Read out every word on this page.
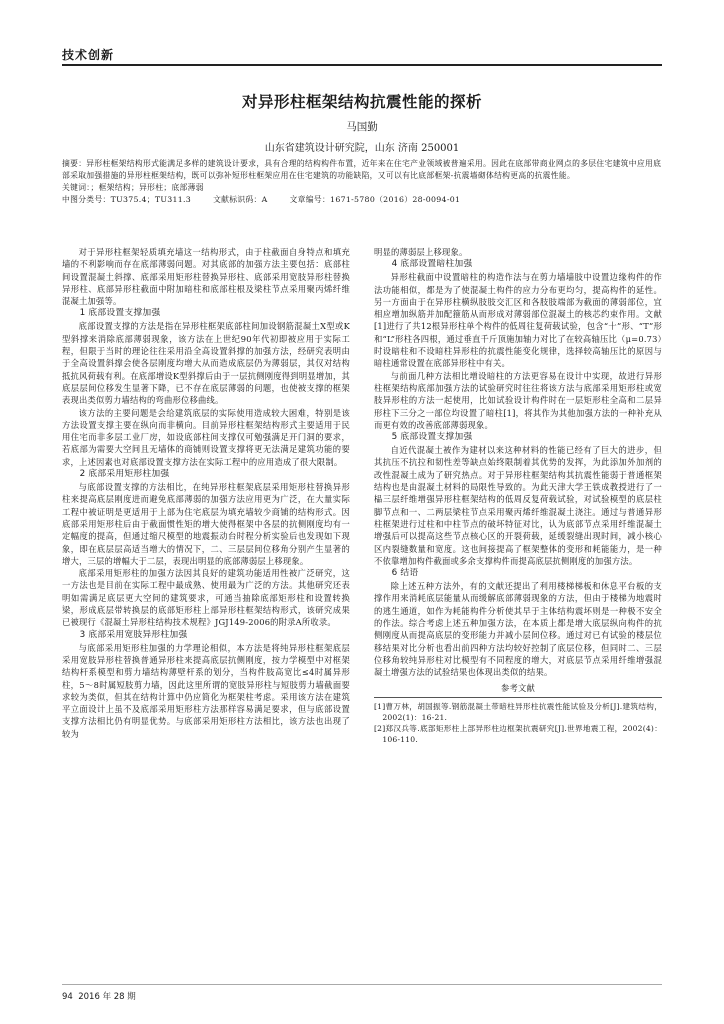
技术创新
对异形柱框架结构抗震性能的探析
马国勤
山东省建筑设计研究院，山东 济南 250001

摘要：异形柱框架结构形式能满足多样的建筑设计要求，具有合理的结构构件布置，近年来在住宅产业领域被普遍采用。因此在底部带商业网点的多层住宅建筑中应用底部采取加强措施的异形柱框架结构，既可以弥补短形柱框架应用在住宅建筑的功能缺陷，又可以有比底部框架-抗震墙砌体结构更高的抗震性能。

关键词：；框架结构；异形柱；底部薄弱

中图分类号：TU375.4；TU311.3	文献标识码：A	文章编号：1671-5780（2016）28-0094-01

对于异形柱框架轻质填充墙这一结构形式，由于柱截面自身特点和填充墙的不利影响而存在底部薄弱问题。对其底部的加强方法主要包括：底部柱间设置混凝土斜撑、底部采用矩形柱替换异形柱、底部采用宽肢异形柱替换异形柱、底部异形柱截面中附加暗柱和底部柱根及梁柱节点采用聚丙烯纤维混凝土加强等。

1 底部设置支撑加强

底部设置支撑的方法是指在异形柱框架底部柱间加设钢筋混凝土X型或K型斜撑来消除底部薄弱现象，该方法在上世纪90年代初即被应用于实际工程，但限于当时的理论往往采用沿全高设置斜撑的加强方法，经研究表明由于全高设置斜撑会使各层刚度均增大从而造成底层仍为薄弱层，其仅对结构抵抗风荷载有利。在底部增设K型斜撑后由于一层抗侧刚度得到明显增加，其底层层间位移发生显著下降，已不存在底层薄弱的问题，也使被支撑的框架表现出类似剪力墙结构的弯曲形位移曲线。

该方法的主要问题是会给建筑底层的实际使用造成较大困难，特别是该方法设置支撑主要在纵向而非横向。目前异形柱框架结构形式主要适用于民用住宅而非多层工业厂房，如设底部柱间支撑仅可勉强满足开门洞的要求，若底部为需要大空间且无墙体的商铺则设置支撑将更无法满足建筑功能的要求，上述因素也对底部设置支撑方法在实际工程中的应用造成了很大限制。

2 底部采用矩形柱加强

与底部设置支撑的方法相比，在纯异形柱框架底层采用矩形柱替换异形柱来提高底层刚度进而避免底部薄弱的加强方法应用更为广泛，在大量实际工程中被证明是更适用于上部为住宅底层为填充墙较少商铺的结构形式。因底部采用矩形柱后由于截面惯性矩的增大使得框架中各层的抗侧刚度均有一定幅度的提高，但通过缩尺模型的地震振动台时程分析实验后也发现如下现象，即在底层层高适当增大的情况下，二、三层层间位移角分别产生显著的增大，三层的增幅大于二层，表现出明显的底部薄弱层上移现象。

底部采用矩形柱的加强方法因其良好的建筑功能适用性被广泛研究，这一方法也是目前在实际工程中最成熟、使用最为广泛的方法。其他研究还表明如需满足底层更大空间的建筑要求，可通当抽除底部矩形柱和设置转换梁，形成底层带转换层的底部矩形柱上部异形柱框架结构形式，该研究成果已被现行《混凝土异形柱结构技术规程》JGJ149-2006的附录A所收录。

3 底部采用宽肢异形柱加强

与底部采用矩形柱加强的力学理论相似，本方法是将纯异形柱框架底层采用宽肢异形柱替换普通异形柱来提高底层抗侧刚度，按力学模型中对框架结构杆系模型和剪力墙结构薄壁杆系的划分，当构件肢高宽比≤4时属异形柱，5～8时属短肢剪力墙，因此这里所谓的宽肢异形柱与短肢剪力墙截面要求较为类似，但其在结构计算中仍应简化为框架柱考虑。采用该方法在建筑平立面设计上虽不及底部采用矩形柱方法那样容易满足要求，但与底部设置支撑方法相比仍有明显优势。与底部采用矩形柱方法相比，该方法也出现了较为

明显的薄弱层上移现象。

4 底部设置暗柱加强

异形柱截面中设置暗柱的构造作法与在剪力墙墙肢中设置边缘构件的作法功能相似，都是为了使混凝土构件的应力分布更均匀，提高构件的延性。另一方面由于在异形柱横纵肢肢交汇区和各肢肢端部为截面的薄弱部位，宜相应增加纵筋并加配箍筋从而形成对薄弱部位混凝土的核芯约束作用。文献[1]进行了共12根异形柱单个构件的低周往复荷载试验，包含“十”形、“T”形和“L”形柱各四根，通过垂直千斤顶施加轴力对比了在较高轴压比（μ=0.73）时设暗柱和不设暗柱异形柱的抗震性能变化规律，选择较高轴压比的原因与暗柱通常设置在底部异形柱中有关。

与前面几种方法相比增设暗柱的方法更容易在设计中实现，故进行异形柱框架结构底部加强方法的试验研究时往往将该方法与底部采用矩形柱或宽肢异形柱的方法一起使用，比如试验设计构件时在一层矩形柱全高和二层异形柱下三分之一部位均设置了暗柱[1]，将其作为其他加强方法的一种补充从而更有效的改善底部薄弱现象。

5 底部设置支撑加强

自近代混凝土被作为建材以来这种材料的性能已经有了巨大的进步，但其抗压不抗拉和韧性差等缺点始终限制着其优势的发挥，为此添加外加剂的改性混凝土成为了研究热点。对于异形柱框架结构其抗震性能弱于普通框架结构也是由混凝土材料的局限性导致的。为此天津大学王铁成教授进行了一榀三层纤维增强异形柱框架结构的低周反复荷载试验，对试验模型的底层柱脚节点和一、二两层梁柱节点采用聚丙烯纤维混凝土浇注。通过与普通异形柱框架进行过柱和中柱节点的破坏特征对比，认为底部节点采用纤维混凝土增强后可以提高这些节点核心区的开裂荷载，延缓裂缝出现时间，减小核心区内裂缝数量和宽度。这也间接提高了框架整体的变形和耗能能力，是一种不依靠增加构件截面或多余支撑构件而提高底层抗侧刚度的加强方法。

6 结语

除上述五种方法外，有的文献还提出了利用楼梯梯板和休息平台板的支撑作用来消耗底层能量从而缓解底部薄弱现象的方法，但由于楼梯为地震时的逃生通道，如作为耗能构件分析使其早于主体结构震坏则是一种极不安全的作法。综合考虑上述五种加强方法，在本质上都是增大底层纵向构件的抗侧刚度从而提高底层的变形能力并减小层间位移。通过对已有试验的楼层位移结果对比分析也看出前四种方法均较好控制了底层位移，但同时二、三层位移角较纯异形柱对比模型有不同程度的增大，对底层节点采用纤维增强混凝土增强方法的试验结果也体现出类似的结果。

参考文献

[1]曹万林，胡国振等.钢筋混凝土带暗柱异形柱抗震性能试验及分析[J].建筑结构，2002(1)：16-21.

[2]郑汉兵等.底部矩形柱上部异形柱边框架抗震研究[J].世界地震工程，2002(4)：106-110.

94 2016 年 28 期
